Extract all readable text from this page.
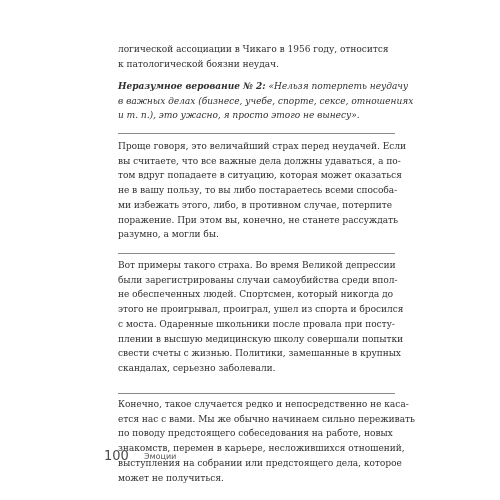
логической ассоциации в Чикаго в 1956 году, относится
к патологической боязни неудач.
Неразумное верование № 2: «Нельзя потерпеть неудачу
в важных делах (бизнесе, учебе, спорте, сексе, отношениях
и т. п.), это ужасно, я просто этого не вынесу».
Проще говоря, это величайший страх перед неудачей. Если
вы считаете, что все важные дела должны удаваться, а по-
том вдруг попадаете в ситуацию, которая может оказаться
не в вашу пользу, то вы либо постараетесь всеми способа-
ми избежать этого, либо, в противном случае, потерпите
поражение. При этом вы, конечно, не станете рассуждать
разумно, а могли бы.
Вот примеры такого страха. Во время Великой депрессии
были зарегистрированы случаи самоубийства среди впол-
не обеспеченных людей. Спортсмен, который никогда до
этого не проигрывал, проиграл, ушел из спорта и бросился
с моста. Одаренные школьники после провала при посту-
плении в высшую медицинскую школу совершали попытки
свести счеты с жизнью. Политики, замешанные в крупных
скандалах, серьезно заболевали.
Конечно, такое случается редко и непосредственно не каса-
ется нас с вами. Мы же обычно начинаем сильно переживать
по поводу предстоящего собеседования на работе, новых
знакомств, перемен в карьере, несложившихся отношений,
выступления на собрании или предстоящего дела, которое
может не получиться.
100 Эмоции
